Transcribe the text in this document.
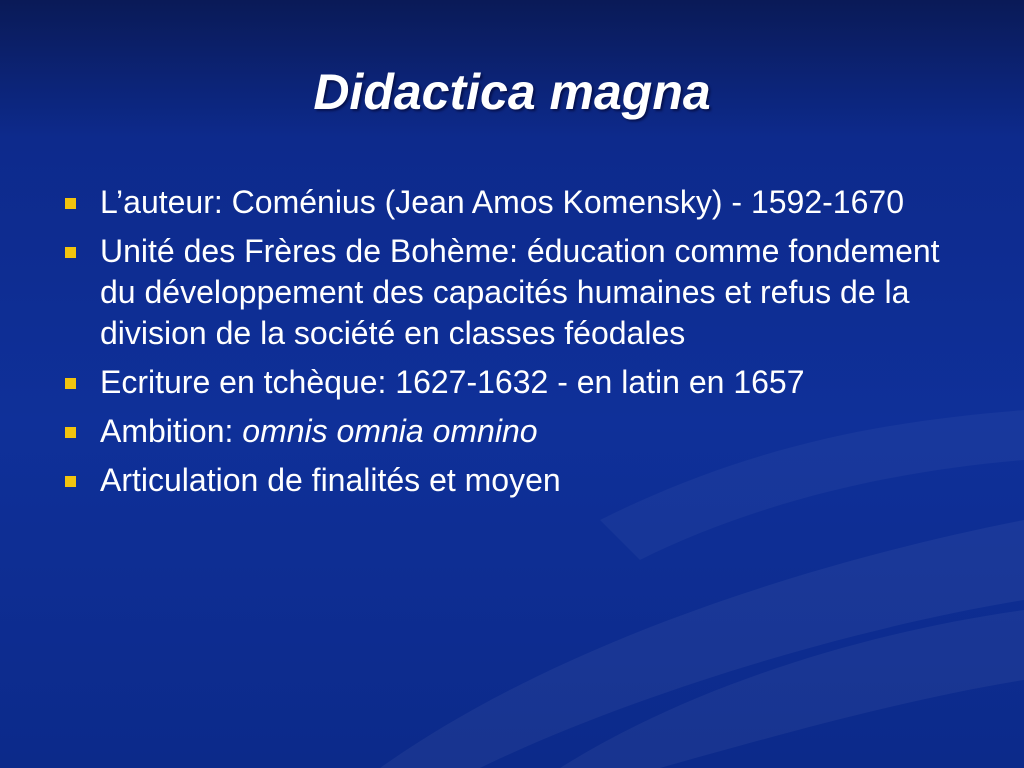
Didactica magna
L’auteur: Coménius (Jean Amos Komensky) - 1592-1670
Unité des Frères de Bohème: éducation comme fondement du développement des capacités humaines et refus de la division de la société en classes féodales
Ecriture en tchèque: 1627-1632 - en latin en 1657
Ambition: omnis omnia omnino
Articulation de finalités et moyen
